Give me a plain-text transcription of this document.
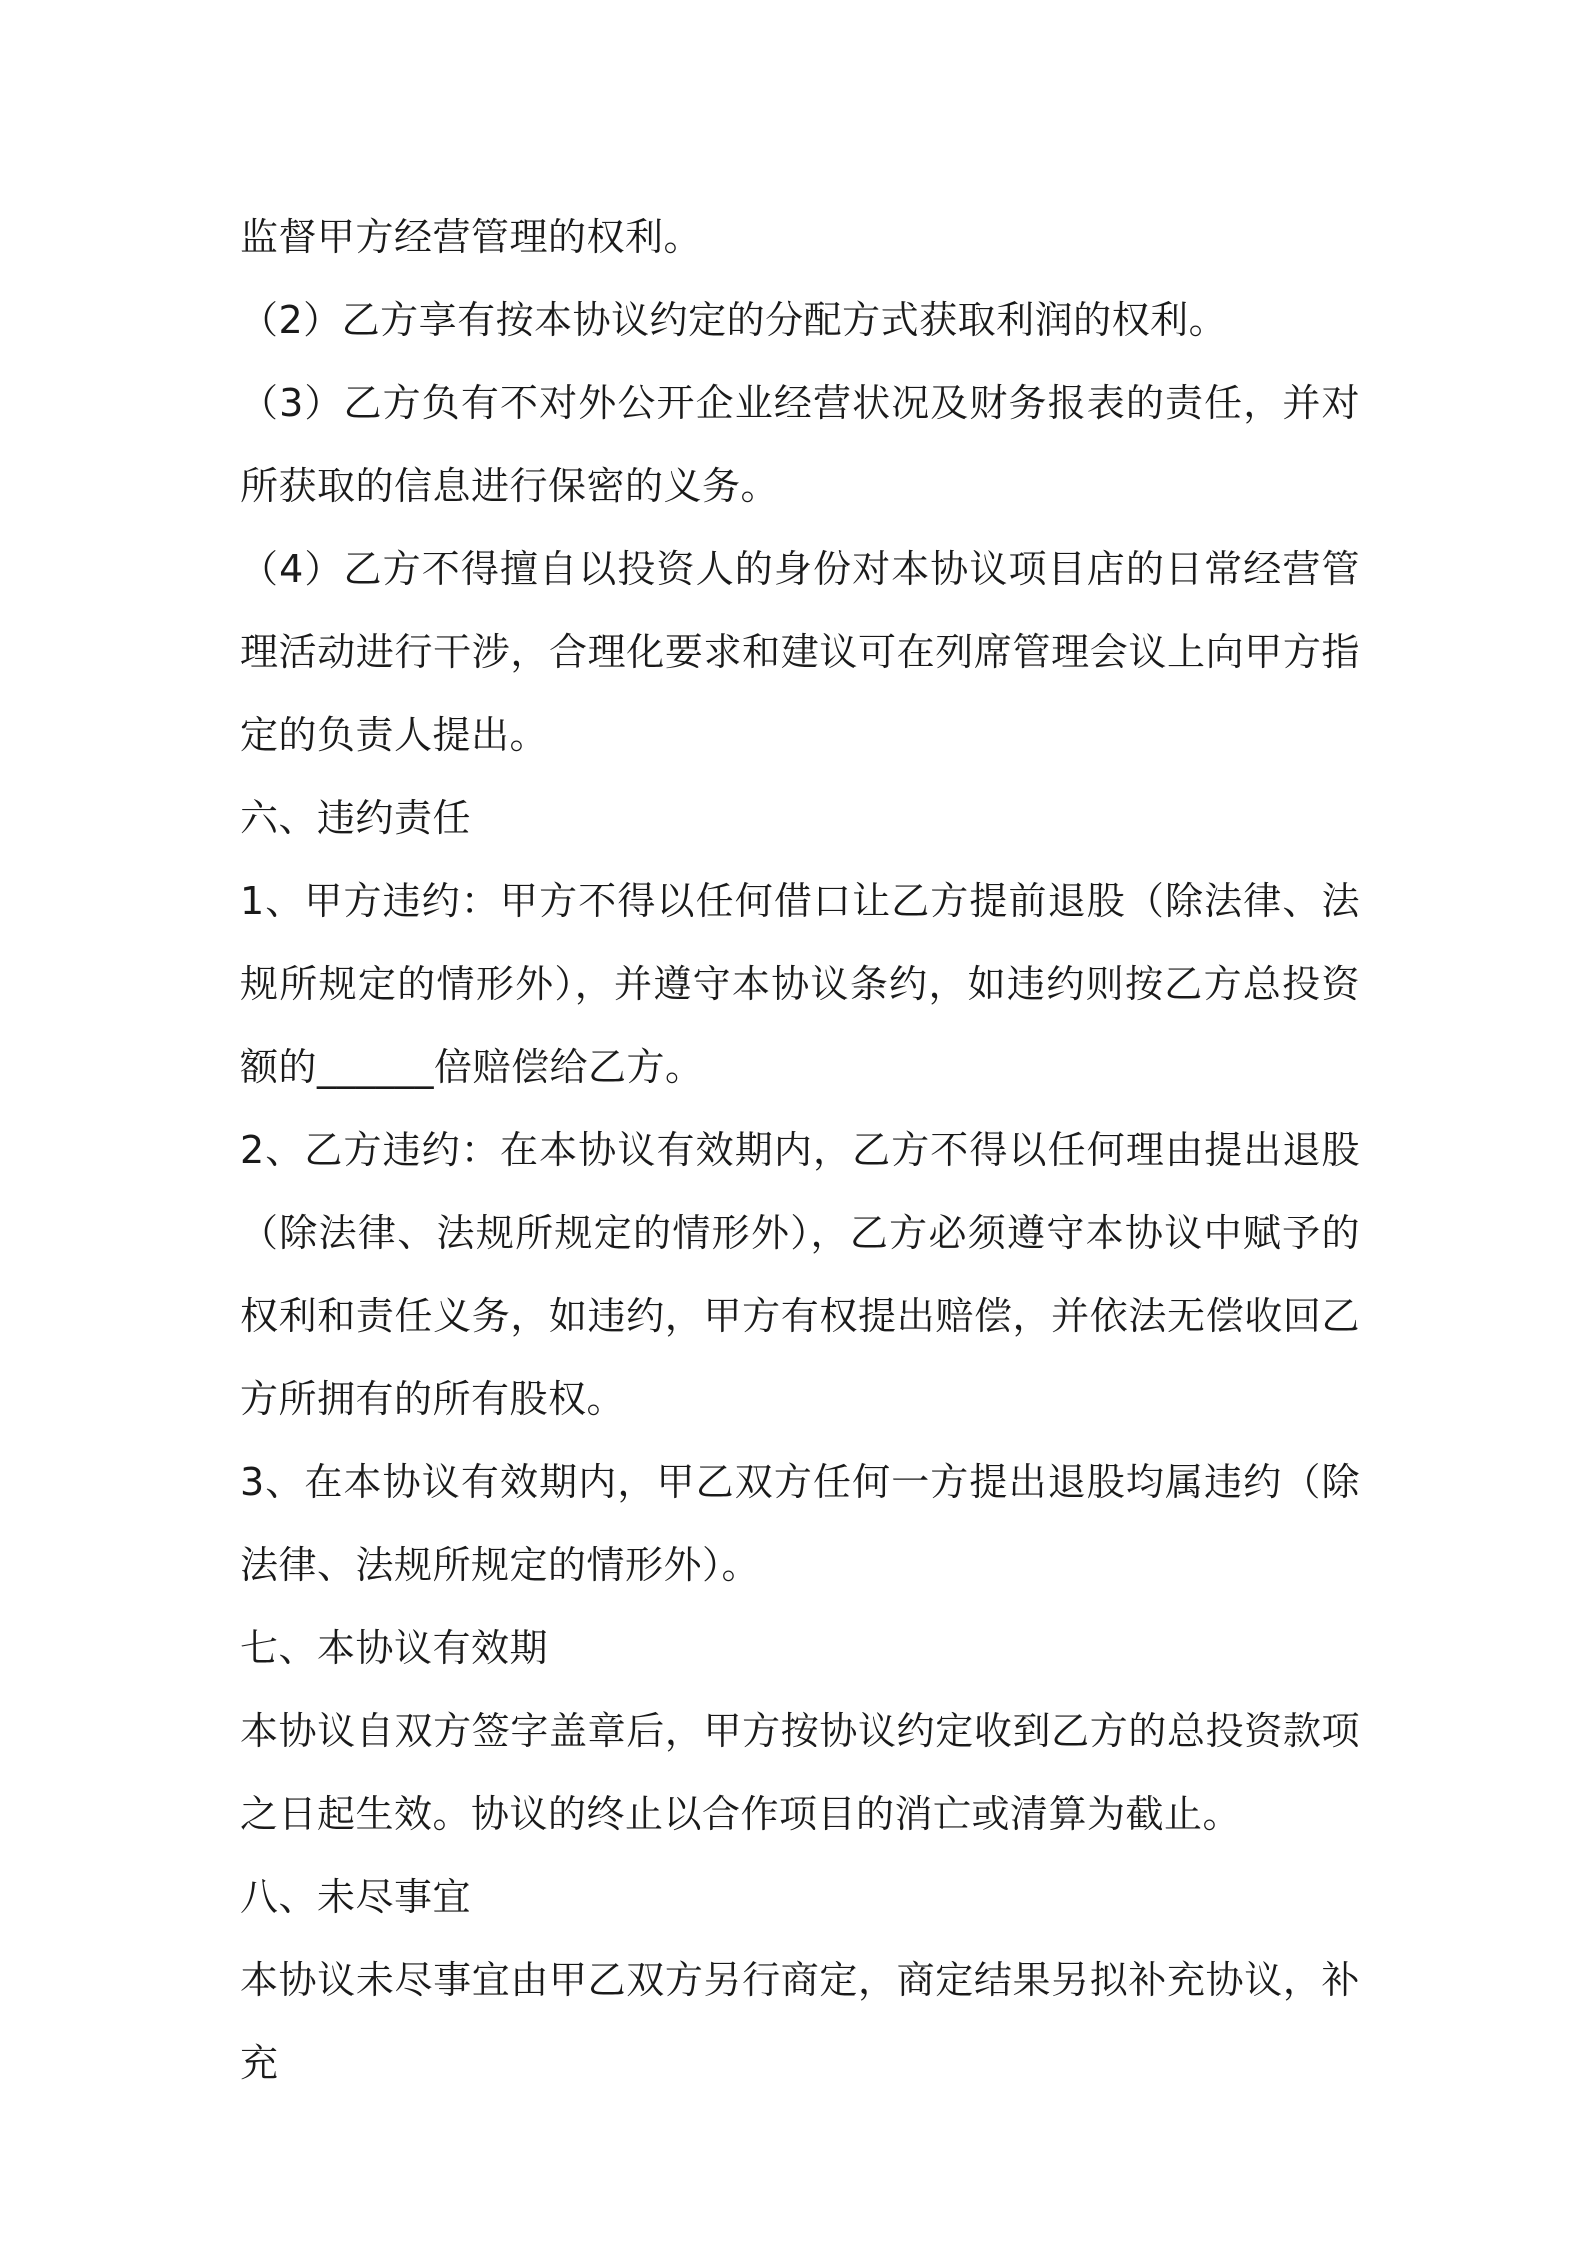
监督甲方经营管理的权利。

（2）乙方享有按本协议约定的分配方式获取利润的权利。

（3）乙方负有不对外公开企业经营状况及财务报表的责任，并对所获取的信息进行保密的义务。

（4）乙方不得擅自以投资人的身份对本协议项目店的日常经营管理活动进行干涉，合理化要求和建议可在列席管理会议上向甲方指定的负责人提出。

六、违约责任

1、甲方违约：甲方不得以任何借口让乙方提前退股（除法律、法规所规定的情形外），并遵守本协议条约，如违约则按乙方总投资额的______倍赔偿给乙方。

2、乙方违约：在本协议有效期内，乙方不得以任何理由提出退股（除法律、法规所规定的情形外），乙方必须遵守本协议中赋予的权利和责任义务，如违约，甲方有权提出赔偿，并依法无偿收回乙方所拥有的所有股权。

3、在本协议有效期内，甲乙双方任何一方提出退股均属违约（除法律、法规所规定的情形外）。

七、本协议有效期

本协议自双方签字盖章后，甲方按协议约定收到乙方的总投资款项之日起生效。协议的终止以合作项目的消亡或清算为截止。

八、未尽事宜

本协议未尽事宜由甲乙双方另行商定，商定结果另拟补充协议，补充
